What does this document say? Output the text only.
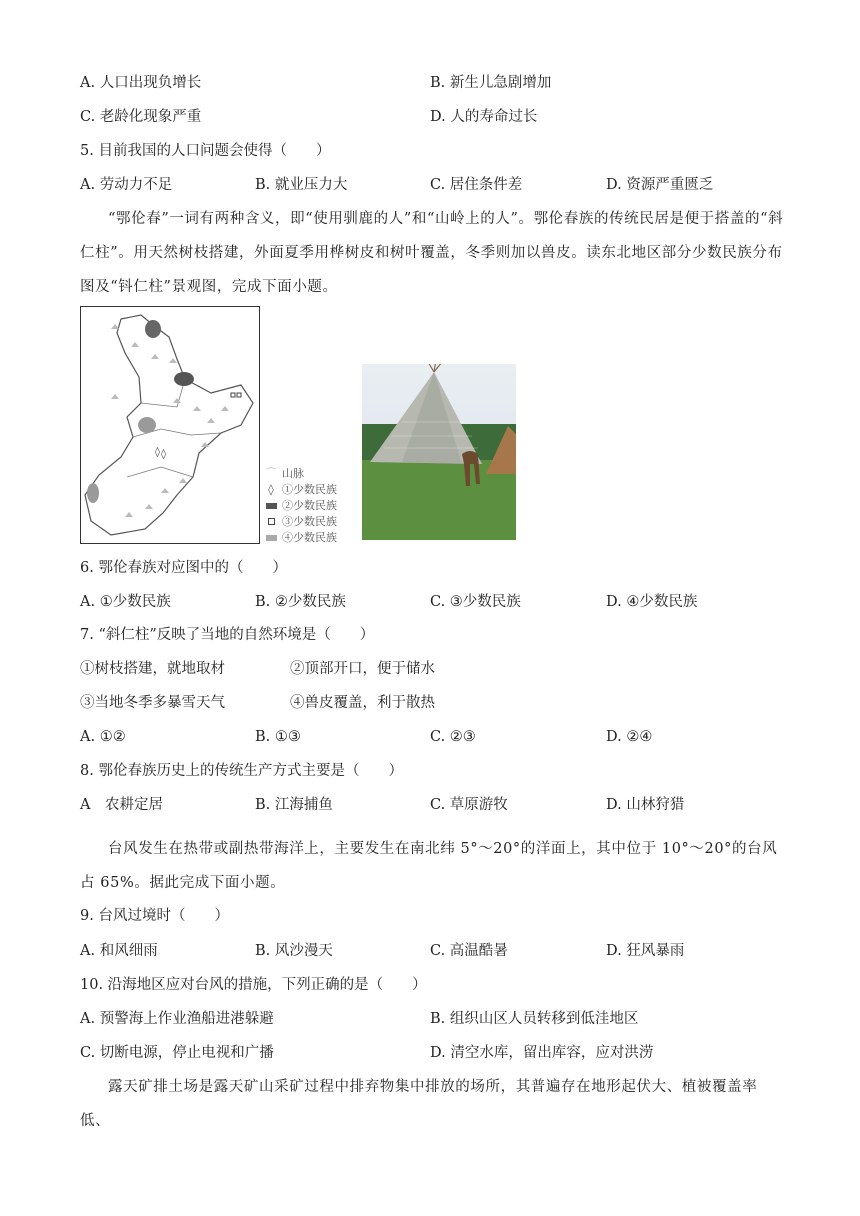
A. 人口出现负增长	B. 新生儿急剧增加
C. 老龄化现象严重	D. 人的寿命过长
5. 目前我国的人口问题会使得（　　）
A. 劳动力不足	B. 就业压力大	C. 居住条件差	D. 资源严重匮乏
“鄂伦春”一词有两种含义，即“使用驯鹿的人”和“山岭上的人”。鄂伦春族的传统民居是便于搭盖的“斜仁柱”。用天然树枝搭建，外面夏季用桦树皮和树叶覆盖，冬季则加以兽皮。读东北地区部分少数民族分布图及“钭仁柱”景观图，完成下面小题。
◊ ◊
⌒ 山脉
◊ ①少数民族
②少数民族
③少数民族
④少数民族
6. 鄂伦春族对应图中的（　　）
A. ①少数民族	B. ②少数民族	C. ③少数民族	D. ④少数民族
7. “斜仁柱”反映了当地的自然环境是（　　）
①树枝搭建，就地取材	②顶部开口，便于储水
③当地冬季多暴雪天气	④兽皮覆盖，利于散热
A. ①②	B. ①③	C. ②③	D. ②④
8. 鄂伦春族历史上的传统生产方式主要是（　　）
A　农耕定居	B. 江海捕鱼	C. 草原游牧	D. 山林狩猎
台风发生在热带或副热带海洋上，主要发生在南北纬 5°～20°的洋面上，其中位于 10°～20°的台风占 65%。据此完成下面小题。
9. 台风过境时（　　）
A. 和风细雨	B. 风沙漫天	C. 高温酷暑	D. 狂风暴雨
10. 沿海地区应对台风的措施，下列正确的是（　　）
A. 预警海上作业渔船进港躲避	B. 组织山区人员转移到低洼地区
C. 切断电源，停止电视和广播	D. 清空水库，留出库容，应对洪涝
露天矿排土场是露天矿山采矿过程中排弃物集中排放的场所，其普遍存在地形起伏大、植被覆盖率低、
